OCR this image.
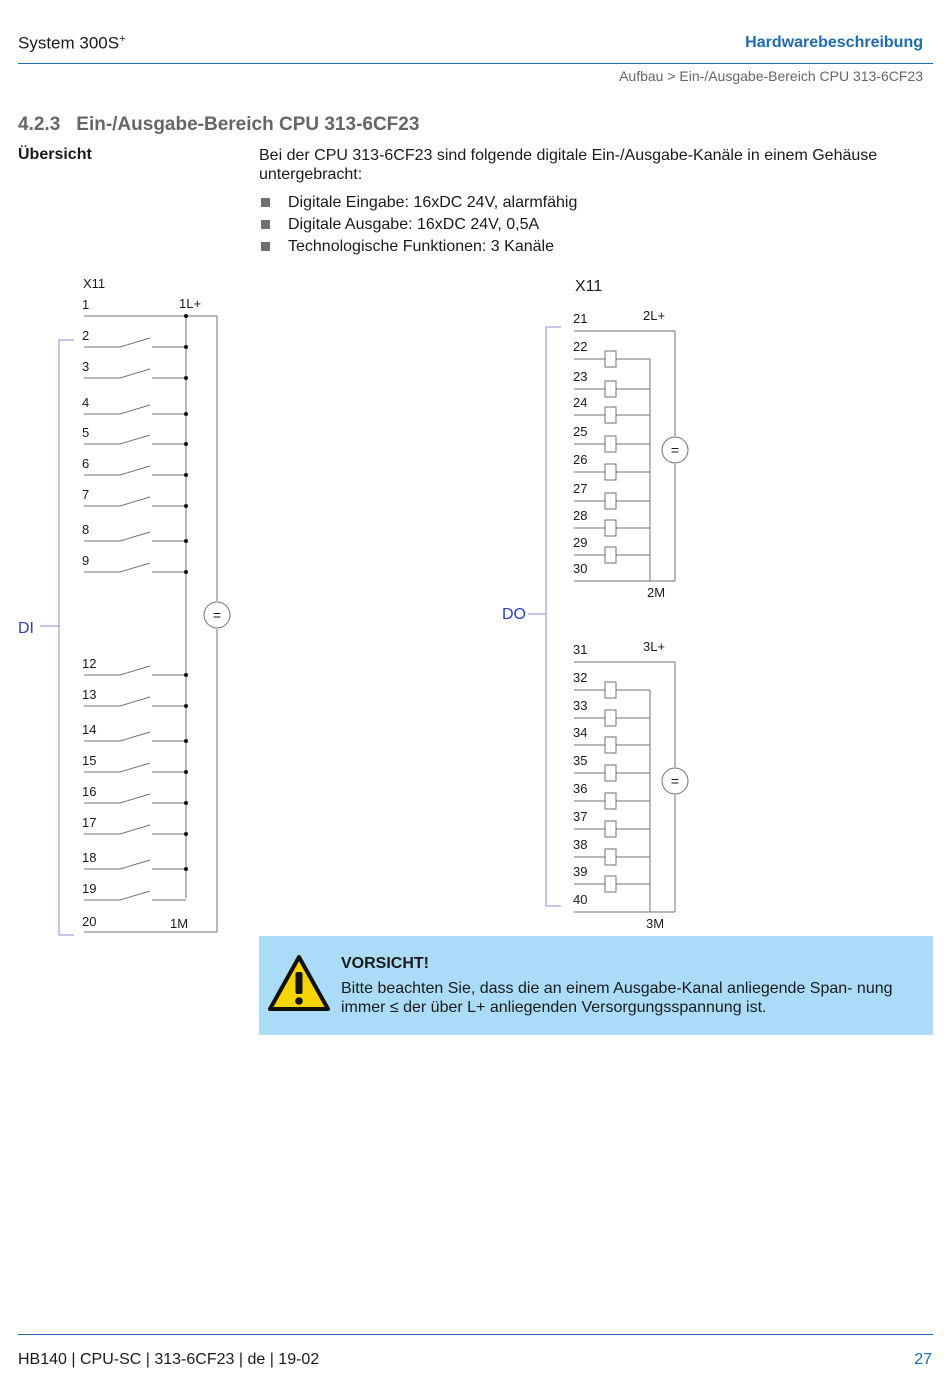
System 300S+	Hardwarebeschreibung
Aufbau > Ein-/Ausgabe-Bereich CPU 313-6CF23
4.2.3 Ein-/Ausgabe-Bereich CPU 313-6CF23
Übersicht	Bei der CPU 313-6CF23 sind folgende digitale Ein-/Ausgabe-Kanäle in einem Gehäuse untergebracht:
Digitale Eingabe: 16xDC 24V, alarmfähig
Digitale Ausgabe: 16xDC 24V, 0,5A
Technologische Funktionen: 3 Kanäle
X11
1L+
1M
=
DI
1
2
3
4
5
6
7
8
9
12
13
14
15
16
17
18
19
20
X11
DO
2L+
2M
=
21
22
23
24
25
26
27
28
29
30
3L+
3M
=
31
32
33
34
35
36
37
38
39
40
VORSICHT!
Bitte beachten Sie, dass die an einem Ausgabe-Kanal anliegende Span- nung immer ≤ der über L+ anliegenden Versorgungsspannung ist.
HB140 | CPU-SC | 313-6CF23 | de | 19-02	27
